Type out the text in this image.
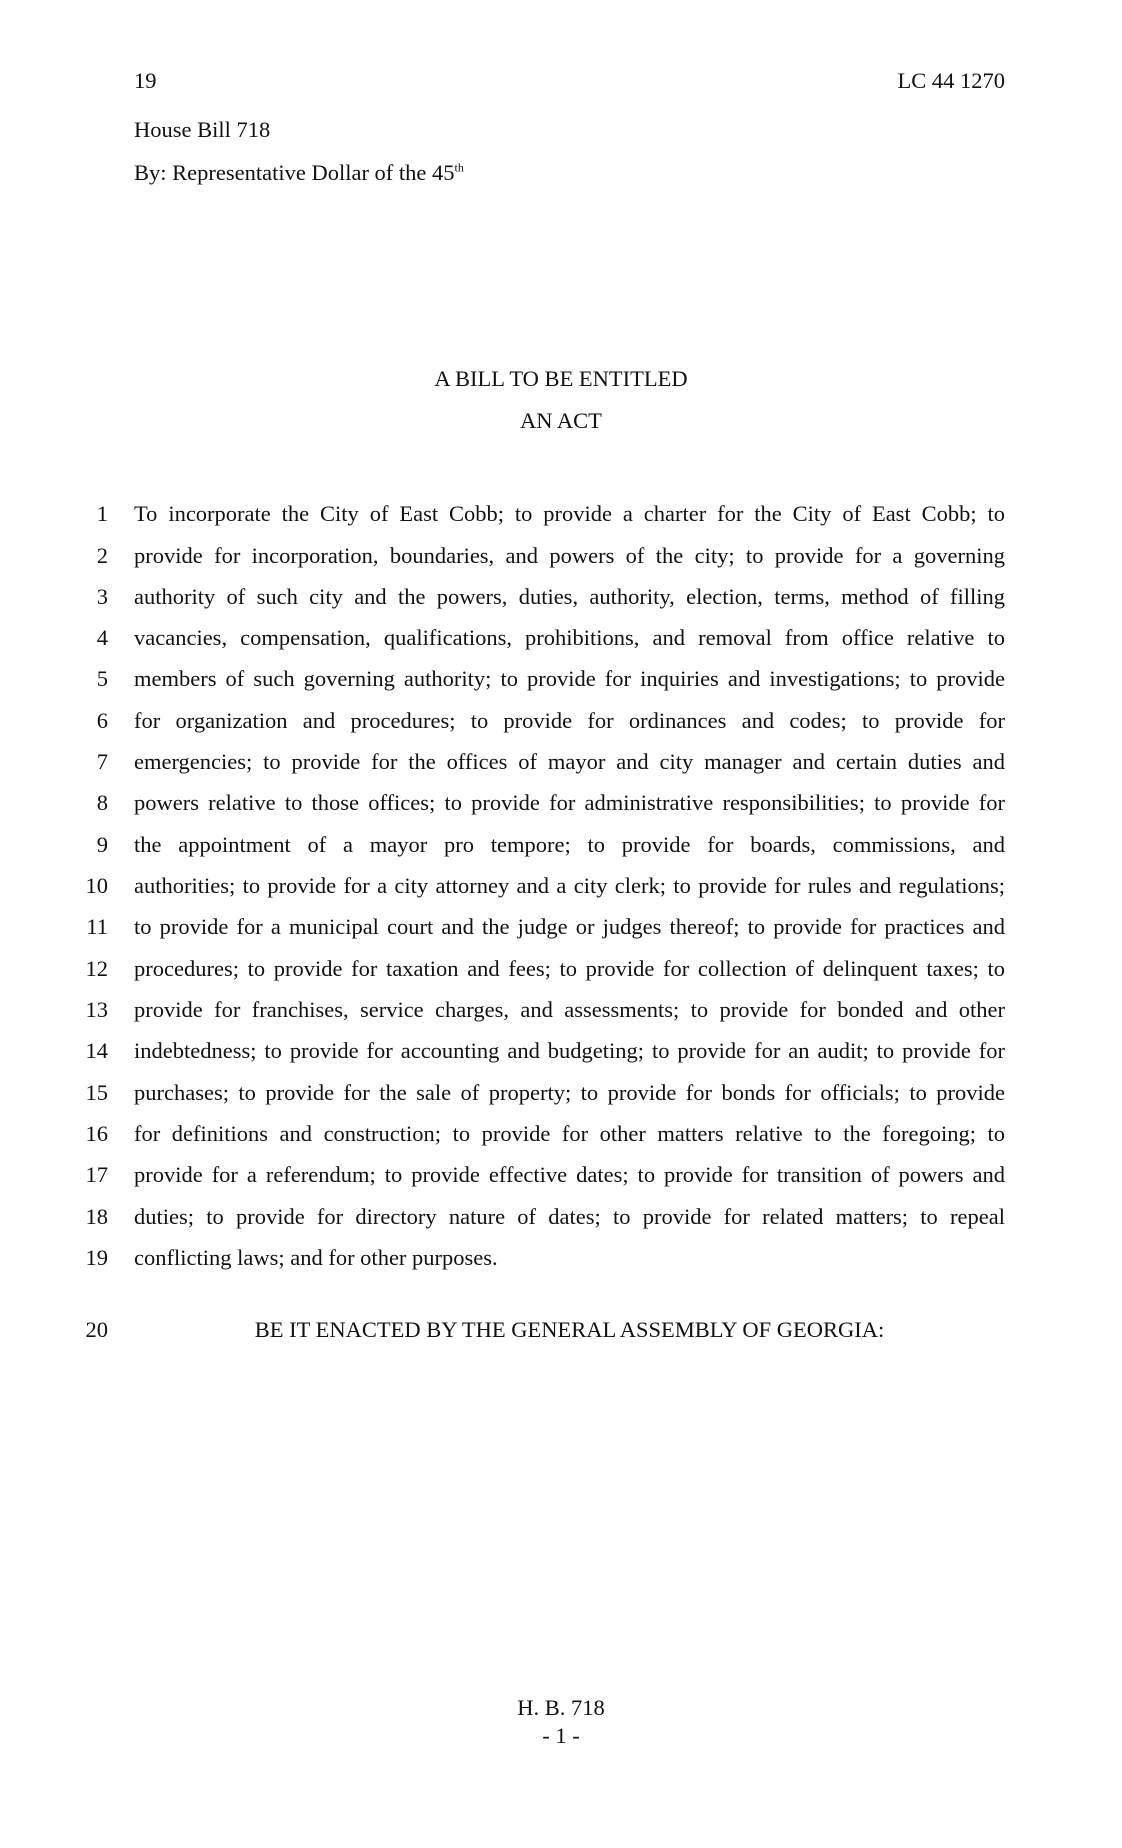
19	LC 44 1270
House Bill 718
By: Representative Dollar of the 45th
A BILL TO BE ENTITLED
AN ACT
1 To incorporate the City of East Cobb; to provide a charter for the City of East Cobb; to
2 provide for incorporation, boundaries, and powers of the city; to provide for a governing
3 authority of such city and the powers, duties, authority, election, terms, method of filling
4 vacancies, compensation, qualifications, prohibitions, and removal from office relative to
5 members of such governing authority; to provide for inquiries and investigations; to provide
6 for organization and procedures; to provide for ordinances and codes; to provide for
7 emergencies; to provide for the offices of mayor and city manager and certain duties and
8 powers relative to those offices; to provide for administrative responsibilities; to provide for
9 the appointment of a mayor pro tempore; to provide for boards, commissions, and
10 authorities; to provide for a city attorney and a city clerk; to provide for rules and regulations;
11 to provide for a municipal court and the judge or judges thereof; to provide for practices and
12 procedures; to provide for taxation and fees; to provide for collection of delinquent taxes; to
13 provide for franchises, service charges, and assessments; to provide for bonded and other
14 indebtedness; to provide for accounting and budgeting; to provide for an audit; to provide for
15 purchases; to provide for the sale of property; to provide for bonds for officials; to provide
16 for definitions and construction; to provide for other matters relative to the foregoing; to
17 provide for a referendum; to provide effective dates; to provide for transition of powers and
18 duties; to provide for directory nature of dates; to provide for related matters; to repeal
19 conflicting laws; and for other purposes.
20	BE IT ENACTED BY THE GENERAL ASSEMBLY OF GEORGIA:
H. B. 718
- 1 -
